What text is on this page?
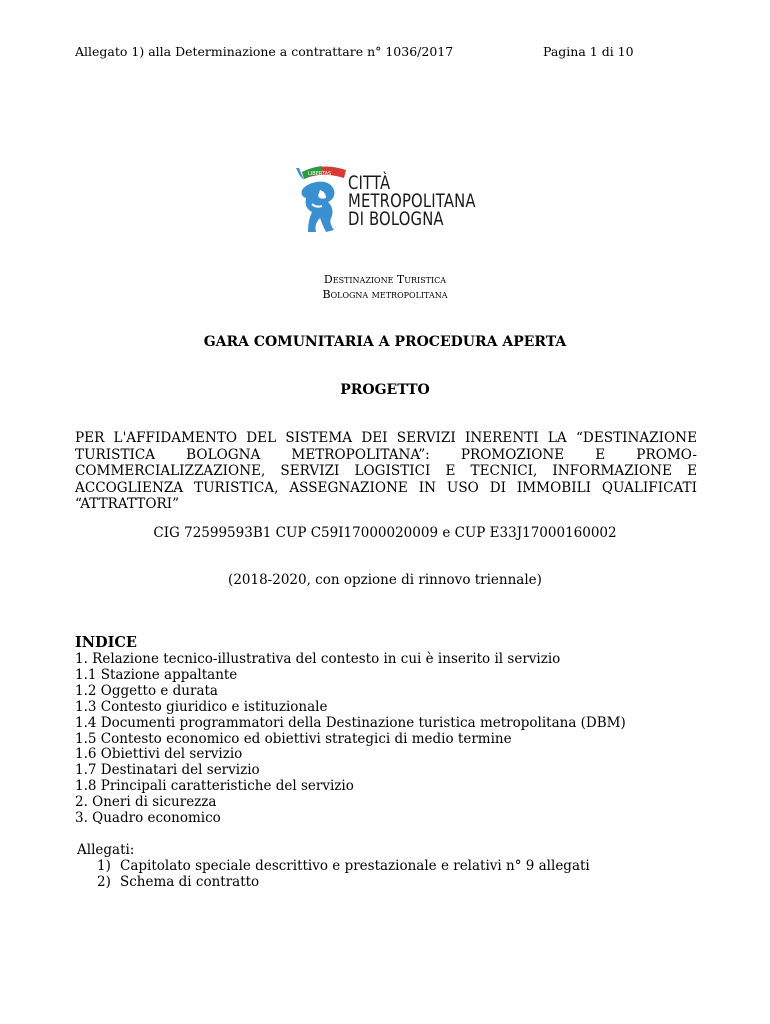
Allegato 1) alla Determinazione a contrattare n° 1036/2017	Pagina 1 di 10
LIBERTAS CITTÀ
METROPOLITANA
DI BOLOGNA
Destinazione Turistica
Bologna metropolitana
GARA COMUNITARIA A PROCEDURA APERTA
PROGETTO
PER L'AFFIDAMENTO DEL SISTEMA DEI SERVIZI INERENTI LA “DESTINAZIONE TURISTICA BOLOGNA METROPOLITANA”: PROMOZIONE E PROMO- COMMERCIALIZZAZIONE, SERVIZI LOGISTICI E TECNICI, INFORMAZIONE E ACCOGLIENZA TURISTICA, ASSEGNAZIONE IN USO DI IMMOBILI QUALIFICATI “ATTRATTORI”
CIG 72599593B1 CUP C59I17000020009 e CUP E33J17000160002
(2018-2020, con opzione di rinnovo triennale)
INDICE
1. Relazione tecnico-illustrativa del contesto in cui è inserito il servizio
1.1 Stazione appaltante
1.2 Oggetto e durata
1.3 Contesto giuridico e istituzionale
1.4 Documenti programmatori della Destinazione turistica metropolitana (DBM)
1.5 Contesto economico ed obiettivi strategici di medio termine
1.6 Obiettivi del servizio
1.7 Destinatari del servizio
1.8 Principali caratteristiche del servizio
2. Oneri di sicurezza
3. Quadro economico
Allegati:
1) Capitolato speciale descrittivo e prestazionale e relativi n° 9 allegati
2) Schema di contratto
